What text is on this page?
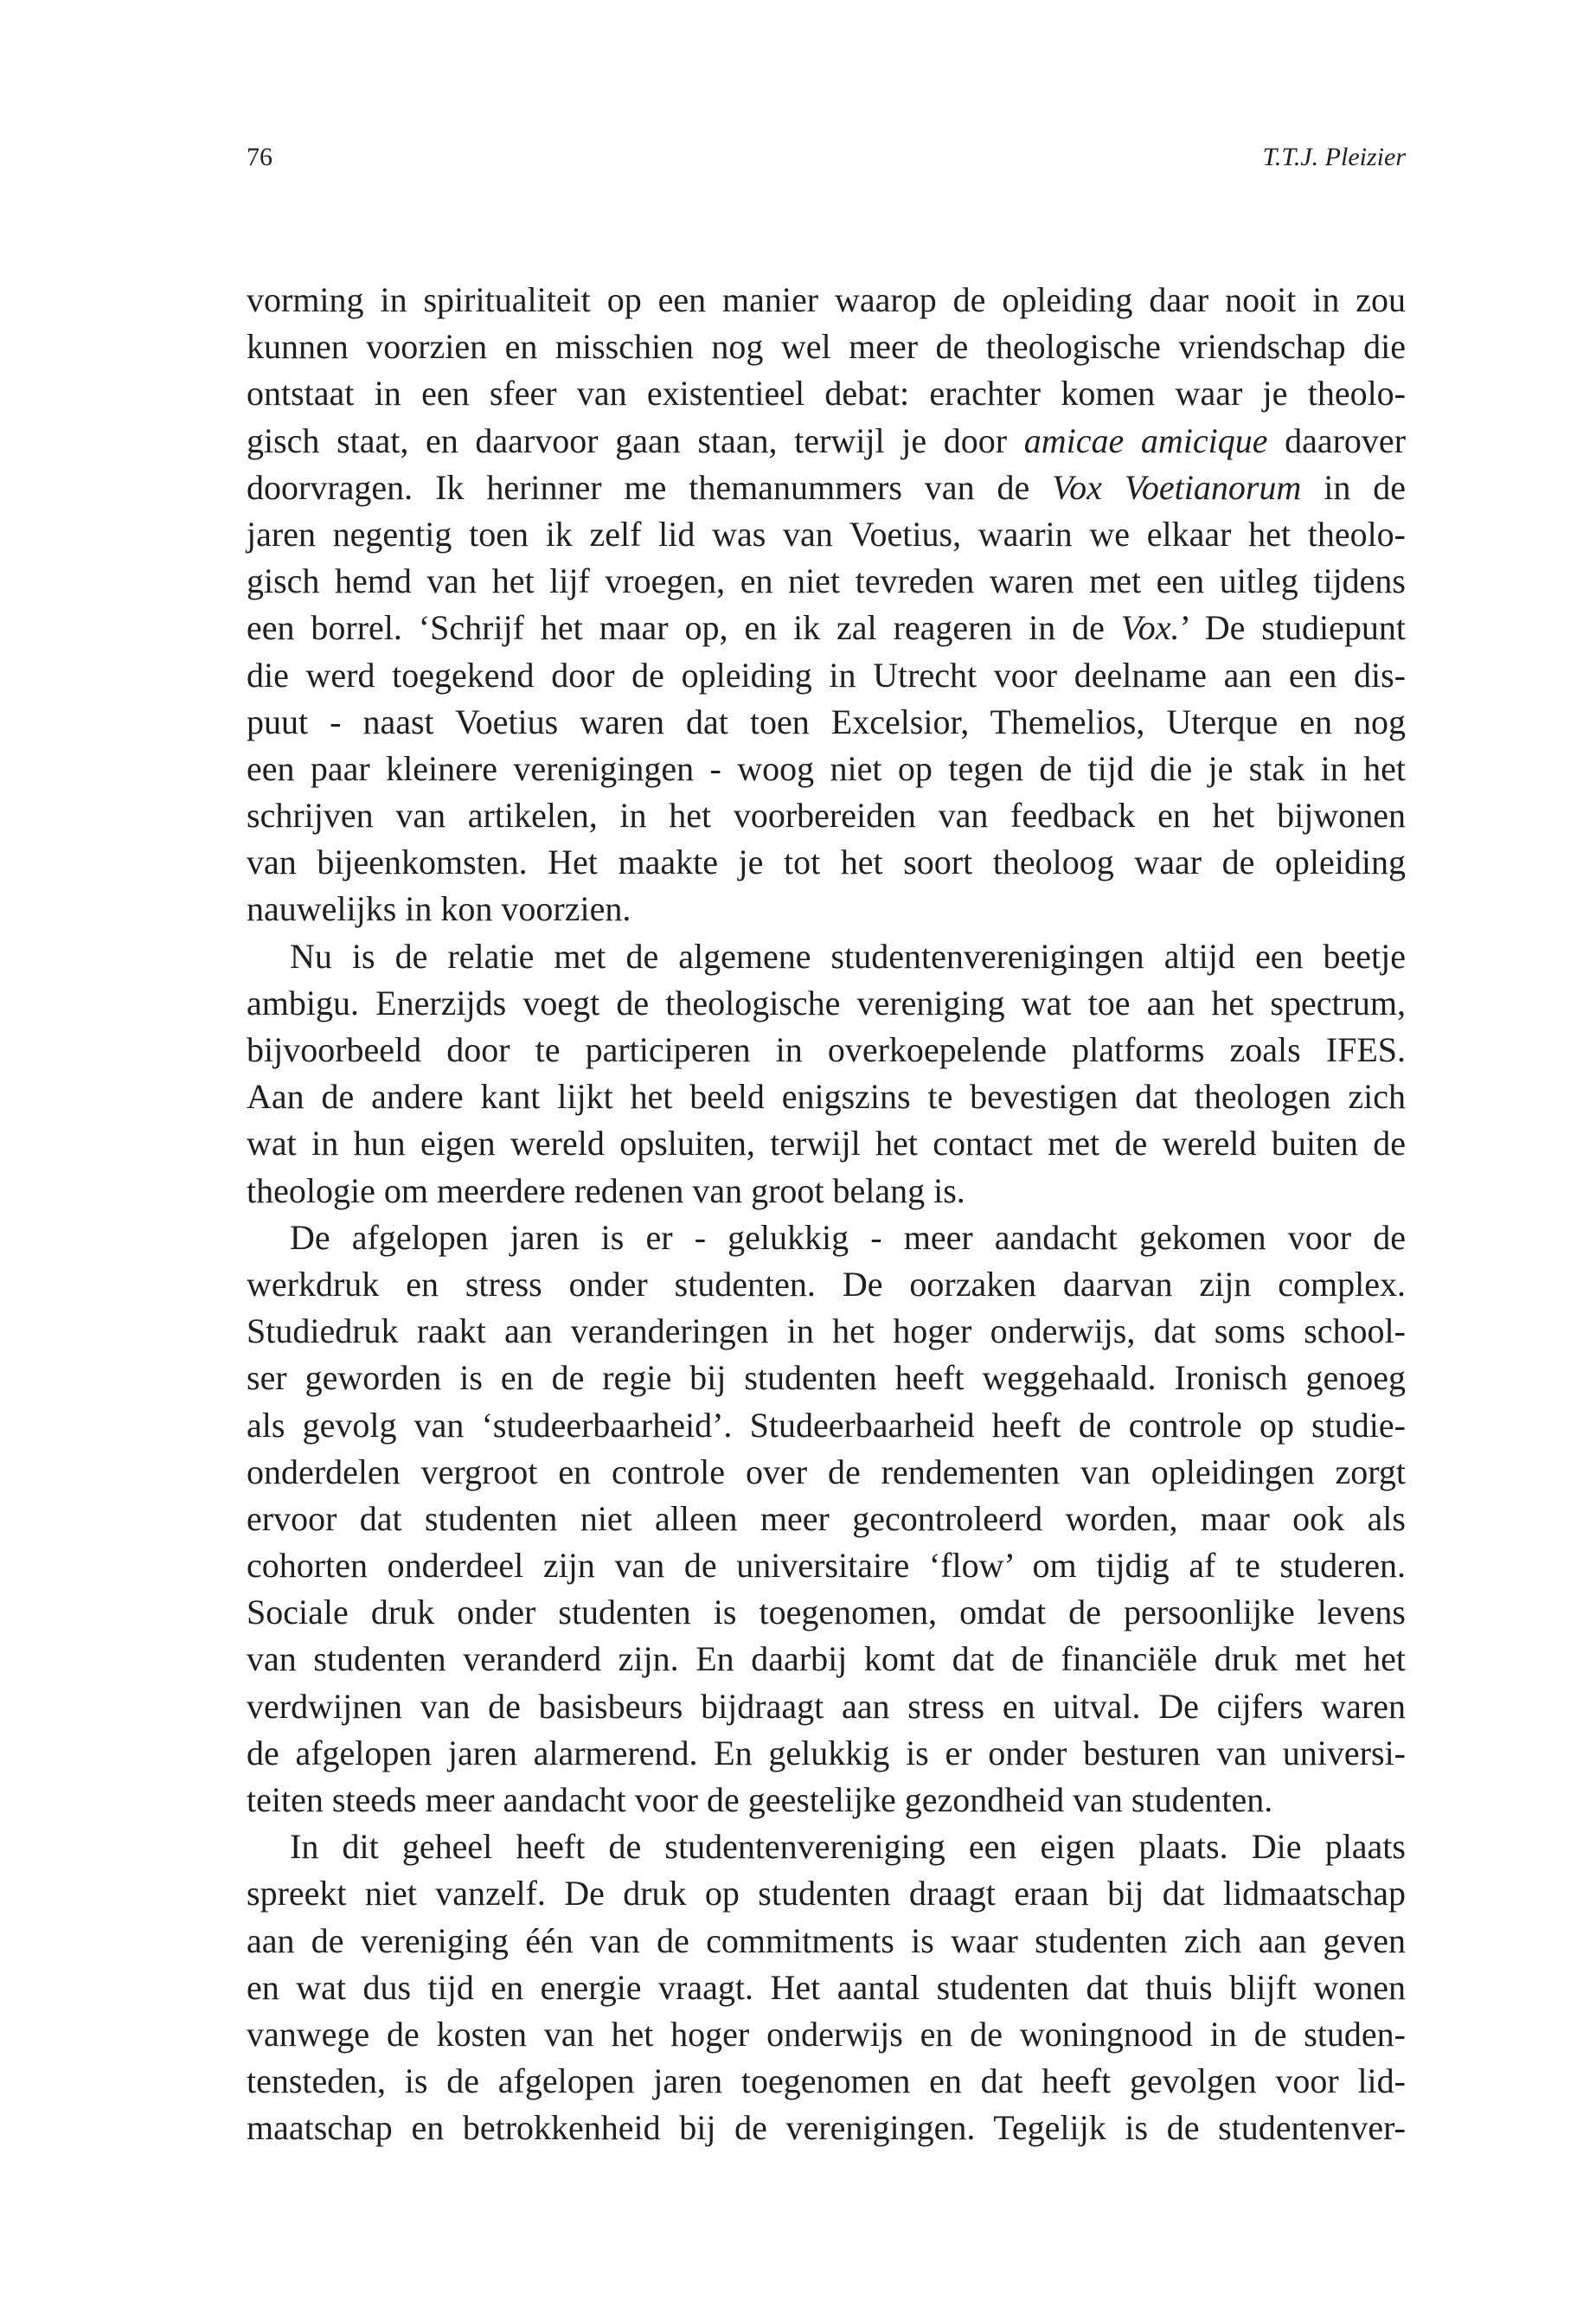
76	T.T.J. Pleizier
vorming in spiritualiteit op een manier waarop de opleiding daar nooit in zou
kunnen voorzien en misschien nog wel meer de theologische vriendschap die
ontstaat in een sfeer van existentieel debat: erachter komen waar je theolo-
gisch staat, en daarvoor gaan staan, terwijl je door amicae amicique daarover
doorvragen. Ik herinner me themanummers van de Vox Voetianorum in de
jaren negentig toen ik zelf lid was van Voetius, waarin we elkaar het theolo-
gisch hemd van het lijf vroegen, en niet tevreden waren met een uitleg tijdens
een borrel. ‘Schrijf het maar op, en ik zal reageren in de Vox.’ De studiepunt
die werd toegekend door de opleiding in Utrecht voor deelname aan een dis-
puut - naast Voetius waren dat toen Excelsior, Themelios, Uterque en nog
een paar kleinere verenigingen - woog niet op tegen de tijd die je stak in het
schrijven van artikelen, in het voorbereiden van feedback en het bijwonen
van bijeenkomsten. Het maakte je tot het soort theoloog waar de opleiding
nauwelijks in kon voorzien.
Nu is de relatie met de algemene studentenverenigingen altijd een beetje
ambigu. Enerzijds voegt de theologische vereniging wat toe aan het spectrum,
bijvoorbeeld door te participeren in overkoepelende platforms zoals IFES.
Aan de andere kant lijkt het beeld enigszins te bevestigen dat theologen zich
wat in hun eigen wereld opsluiten, terwijl het contact met de wereld buiten de
theologie om meerdere redenen van groot belang is.
De afgelopen jaren is er - gelukkig - meer aandacht gekomen voor de
werkdruk en stress onder studenten. De oorzaken daarvan zijn complex.
Studiedruk raakt aan veranderingen in het hoger onderwijs, dat soms school-
ser geworden is en de regie bij studenten heeft weggehaald. Ironisch genoeg
als gevolg van ‘studeerbaarheid’. Studeerbaarheid heeft de controle op studie-
onderdelen vergroot en controle over de rendementen van opleidingen zorgt
ervoor dat studenten niet alleen meer gecontroleerd worden, maar ook als
cohorten onderdeel zijn van de universitaire ‘flow’ om tijdig af te studeren.
Sociale druk onder studenten is toegenomen, omdat de persoonlijke levens
van studenten veranderd zijn. En daarbij komt dat de financiële druk met het
verdwijnen van de basisbeurs bijdraagt aan stress en uitval. De cijfers waren
de afgelopen jaren alarmerend. En gelukkig is er onder besturen van universi-
teiten steeds meer aandacht voor de geestelijke gezondheid van studenten.
In dit geheel heeft de studentenvereniging een eigen plaats. Die plaats
spreekt niet vanzelf. De druk op studenten draagt eraan bij dat lidmaatschap
aan de vereniging één van de commitments is waar studenten zich aan geven
en wat dus tijd en energie vraagt. Het aantal studenten dat thuis blijft wonen
vanwege de kosten van het hoger onderwijs en de woningnood in de studen-
tensteden, is de afgelopen jaren toegenomen en dat heeft gevolgen voor lid-
maatschap en betrokkenheid bij de verenigingen. Tegelijk is de studentenver-
